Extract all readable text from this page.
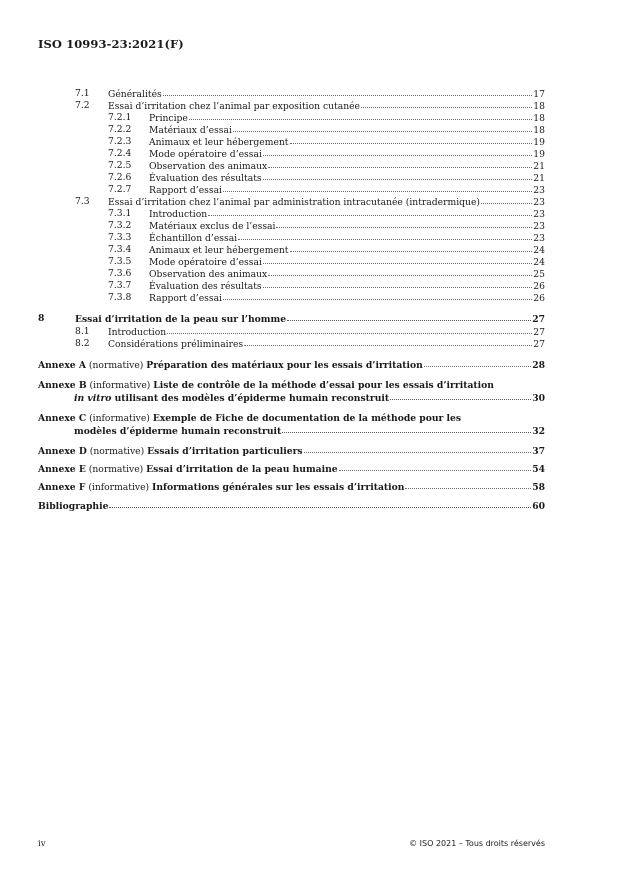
ISO 10993-23:2021(F)
7.1 Généralités	17
7.2 Essai d’irritation chez l’animal par exposition cutanée	18
7.2.1 Principe	18
7.2.2 Matériaux d’essai	18
7.2.3 Animaux et leur hébergement	19
7.2.4 Mode opératoire d’essai	19
7.2.5 Observation des animaux	21
7.2.6 Évaluation des résultats	21
7.2.7 Rapport d’essai	23
7.3 Essai d’irritation chez l’animal par administration intracutanée (intradermique)	23
7.3.1 Introduction	23
7.3.2 Matériaux exclus de l’essai	23
7.3.3 Échantillon d’essai	23
7.3.4 Animaux et leur hébergement	24
7.3.5 Mode opératoire d’essai	24
7.3.6 Observation des animaux	25
7.3.7 Évaluation des résultats	26
7.3.8 Rapport d’essai	26
8	Essai d’irritation de la peau sur l’homme	27
8.1 Introduction	27
8.2 Considérations préliminaires	27
Annexe A (normative) Préparation des matériaux pour les essais d’irritation	28
Annexe B (informative) Liste de contrôle de la méthode d’essai pour les essais d’irritation
in vitro utilisant des modèles d’épiderme humain reconstruit	30
Annexe C (informative) Exemple de Fiche de documentation de la méthode pour les
modèles d’épiderme humain reconstruit	32
Annexe D (normative) Essais d’irritation particuliers	37
Annexe E (normative) Essai d’irritation de la peau humaine	54
Annexe F (informative) Informations générales sur les essais d’irritation	58
Bibliographie	60
iv	© ISO 2021 – Tous droits réservés
